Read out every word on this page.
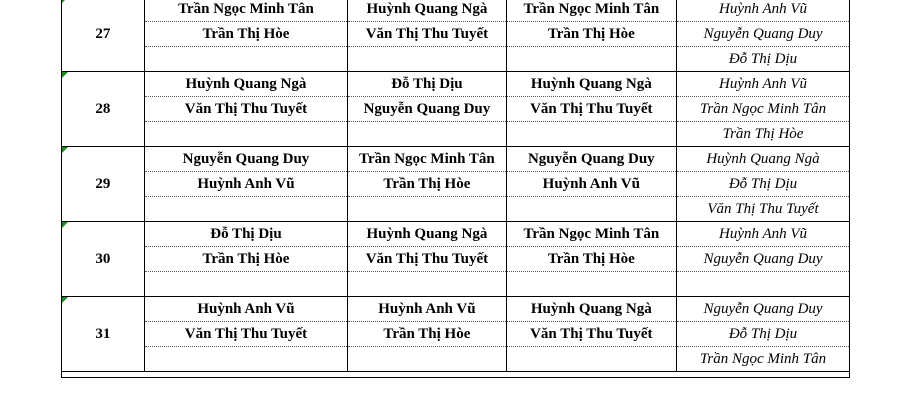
27	Trần Ngọc Minh Tân	Huỳnh Quang Ngà	Trần Ngọc Minh Tân	Huỳnh Anh Vũ
	Trần Thị Hòe	Văn Thị Thu Tuyết	Trần Thị Hòe	Nguyễn Quang Duy
				Đỗ Thị Dịu

28	Huỳnh Quang Ngà	Đỗ Thị Dịu	Huỳnh Quang Ngà	Huỳnh Anh Vũ
	Văn Thị Thu Tuyết	Nguyễn Quang Duy	Văn Thị Thu Tuyết	Trần Ngọc Minh Tân
				Trần Thị Hòe

29	Nguyễn Quang Duy	Trần Ngọc Minh Tân	Nguyễn Quang Duy	Huỳnh Quang Ngà
	Huỳnh Anh Vũ	Trần Thị Hòe	Huỳnh Anh Vũ	Đỗ Thị Dịu
				Văn Thị Thu Tuyết

30	Đỗ Thị Dịu	Huỳnh Quang Ngà	Trần Ngọc Minh Tân	Huỳnh Anh Vũ
	Trần Thị Hòe	Văn Thị Thu Tuyết	Trần Thị Hòe	Nguyễn Quang Duy

31	Huỳnh Anh Vũ	Huỳnh Anh Vũ	Huỳnh Quang Ngà	Nguyễn Quang Duy
	Văn Thị Thu Tuyết	Trần Thị Hòe	Văn Thị Thu Tuyết	Đỗ Thị Dịu
				Trần Ngọc Minh Tân
